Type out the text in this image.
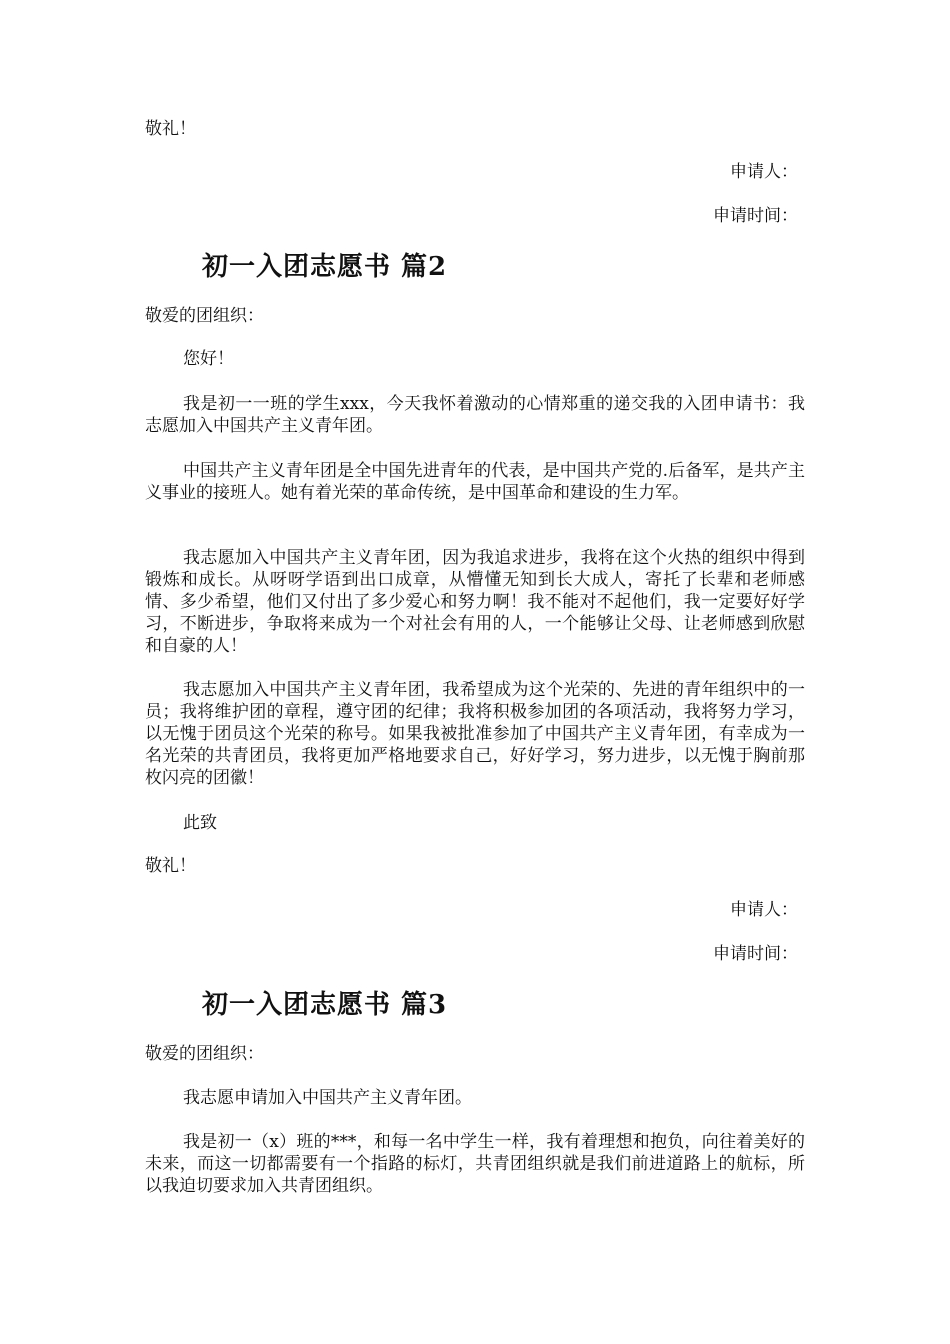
敬礼！
申请人：
申请时间：
初一入团志愿书 篇2
敬爱的团组织：
您好！
我是初一一班的学生xxx，今天我怀着激动的心情郑重的递交我的入团申请书：我志愿加入中国共产主义青年团。
中国共产主义青年团是全中国先进青年的代表，是中国共产党的.后备军，是共产主义事业的接班人。她有着光荣的革命传统，是中国革命和建设的生力军。
我志愿加入中国共产主义青年团，因为我追求进步，我将在这个火热的组织中得到锻炼和成长。从呀呀学语到出口成章，从懵懂无知到长大成人，寄托了长辈和老师感情、多少希望，他们又付出了多少爱心和努力啊！我不能对不起他们，我一定要好好学习，不断进步，争取将来成为一个对社会有用的人，一个能够让父母、让老师感到欣慰和自豪的人！
我志愿加入中国共产主义青年团，我希望成为这个光荣的、先进的青年组织中的一员；我将维护团的章程，遵守团的纪律；我将积极参加团的各项活动，我将努力学习，以无愧于团员这个光荣的称号。如果我被批准参加了中国共产主义青年团，有幸成为一名光荣的共青团员，我将更加严格地要求自己，好好学习，努力进步，以无愧于胸前那枚闪亮的团徽！
此致
敬礼！
申请人：
申请时间：
初一入团志愿书 篇3
敬爱的团组织：
我志愿申请加入中国共产主义青年团。
我是初一（x）班的***，和每一名中学生一样，我有着理想和抱负，向往着美好的未来，而这一切都需要有一个指路的标灯，共青团组织就是我们前进道路上的航标，所以我迫切要求加入共青团组织。
